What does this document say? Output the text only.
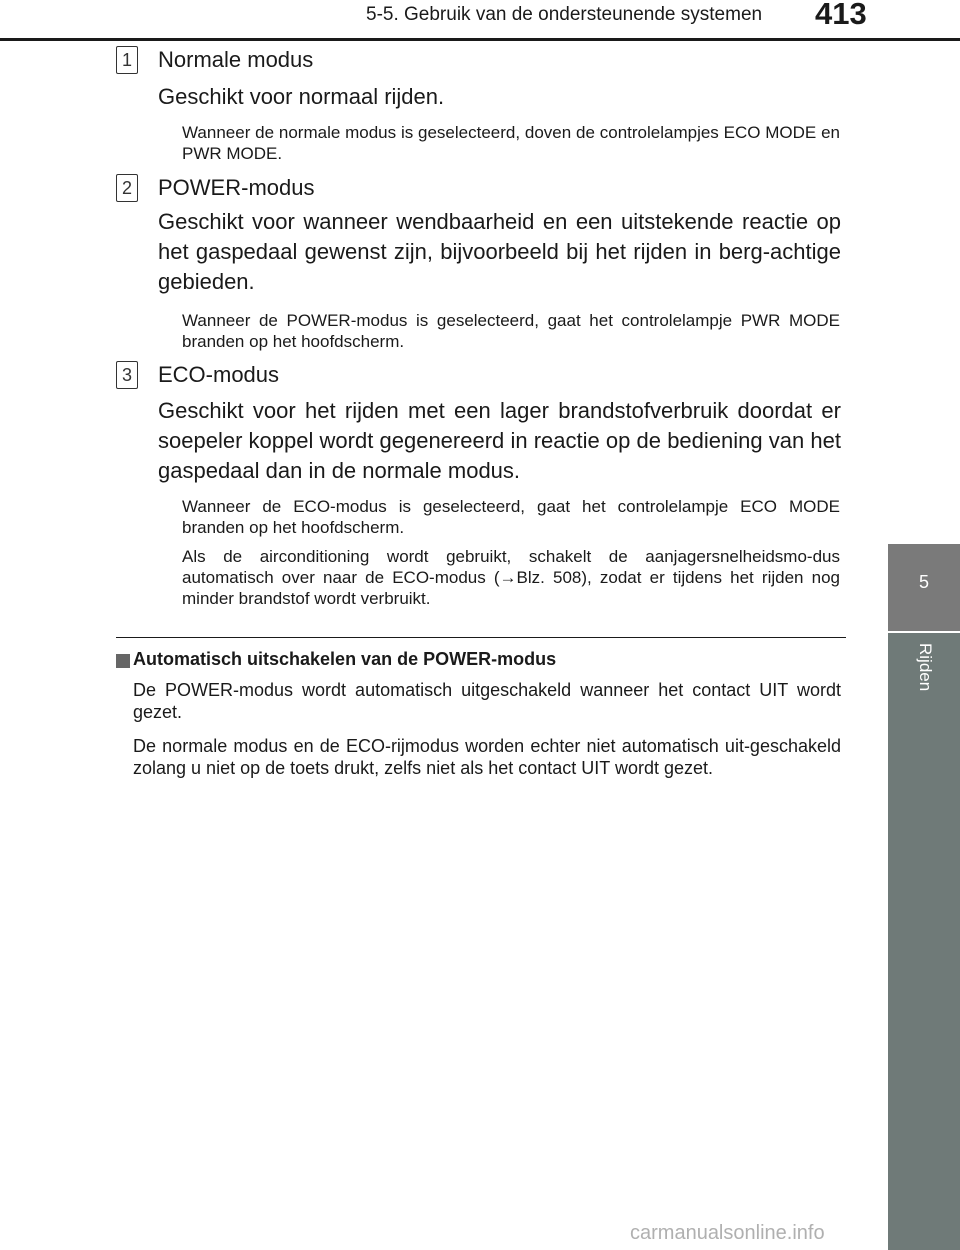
5-5. Gebruik van de ondersteunende systemen 413
5
Rijden
1 Normale modus
Geschikt voor normaal rijden.
Wanneer de normale modus is geselecteerd, doven de controlelampjes ECO MODE en PWR MODE.
2 POWER-modus
Geschikt voor wanneer wendbaarheid en een uitstekende reactie op het gaspedaal gewenst zijn, bijvoorbeeld bij het rijden in berg-achtige gebieden.
Wanneer de POWER-modus is geselecteerd, gaat het controlelampje PWR MODE branden op het hoofdscherm.
3 ECO-modus
Geschikt voor het rijden met een lager brandstofverbruik doordat er soepeler koppel wordt gegenereerd in reactie op de bediening van het gaspedaal dan in de normale modus.
Wanneer de ECO-modus is geselecteerd, gaat het controlelampje ECO MODE branden op het hoofdscherm.
Als de airconditioning wordt gebruikt, schakelt de aanjagersnelheidsmo-dus automatisch over naar de ECO-modus (→Blz. 508), zodat er tijdens het rijden nog minder brandstof wordt verbruikt.
Automatisch uitschakelen van de POWER-modus
De POWER-modus wordt automatisch uitgeschakeld wanneer het contact UIT wordt gezet.
De normale modus en de ECO-rijmodus worden echter niet automatisch uit-geschakeld zolang u niet op de toets drukt, zelfs niet als het contact UIT wordt gezet.
carmanualsonline.info
